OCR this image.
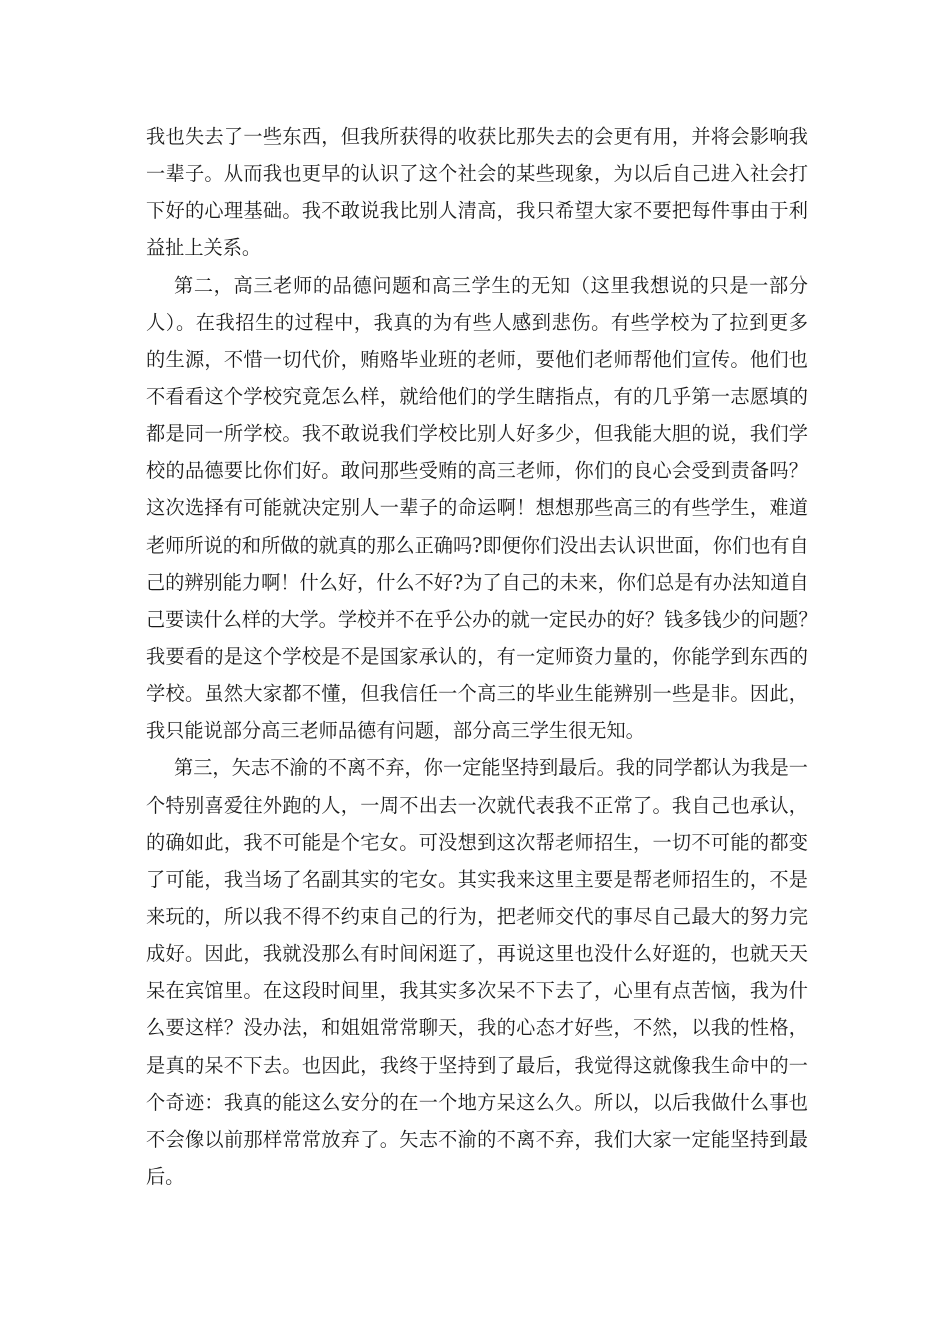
我也失去了一些东西，但我所获得的收获比那失去的会更有用，并将会影响我
一辈子。从而我也更早的认识了这个社会的某些现象，为以后自己进入社会打
下好的心理基础。我不敢说我比别人清高，我只希望大家不要把每件事由于利
益扯上关系。
第二，高三老师的品德问题和高三学生的无知（这里我想说的只是一部分
人）。在我招生的过程中，我真的为有些人感到悲伤。有些学校为了拉到更多
的生源，不惜一切代价，贿赂毕业班的老师，要他们老师帮他们宣传。他们也
不看看这个学校究竟怎么样，就给他们的学生瞎指点，有的几乎第一志愿填的
都是同一所学校。我不敢说我们学校比别人好多少，但我能大胆的说，我们学
校的品德要比你们好。敢问那些受贿的高三老师，你们的良心会受到责备吗？
这次选择有可能就决定别人一辈子的命运啊！想想那些高三的有些学生，难道
老师所说的和所做的就真的那么正确吗?即便你们没出去认识世面，你们也有自
己的辨别能力啊！什么好，什么不好?为了自己的未来，你们总是有办法知道自
己要读什么样的大学。学校并不在乎公办的就一定民办的好？钱多钱少的问题？
我要看的是这个学校是不是国家承认的，有一定师资力量的，你能学到东西的
学校。虽然大家都不懂，但我信任一个高三的毕业生能辨别一些是非。因此，
我只能说部分高三老师品德有问题，部分高三学生很无知。
第三，矢志不渝的不离不弃，你一定能坚持到最后。我的同学都认为我是一
个特别喜爱往外跑的人，一周不出去一次就代表我不正常了。我自己也承认，
的确如此，我不可能是个宅女。可没想到这次帮老师招生，一切不可能的都变
了可能，我当场了名副其实的宅女。其实我来这里主要是帮老师招生的，不是
来玩的，所以我不得不约束自己的行为，把老师交代的事尽自己最大的努力完
成好。因此，我就没那么有时间闲逛了，再说这里也没什么好逛的，也就天天
呆在宾馆里。在这段时间里，我其实多次呆不下去了，心里有点苦恼，我为什
么要这样？没办法，和姐姐常常聊天，我的心态才好些，不然，以我的性格，
是真的呆不下去。也因此，我终于坚持到了最后，我觉得这就像我生命中的一
个奇迹：我真的能这么安分的在一个地方呆这么久。所以，以后我做什么事也
不会像以前那样常常放弃了。矢志不渝的不离不弃，我们大家一定能坚持到最
后。
